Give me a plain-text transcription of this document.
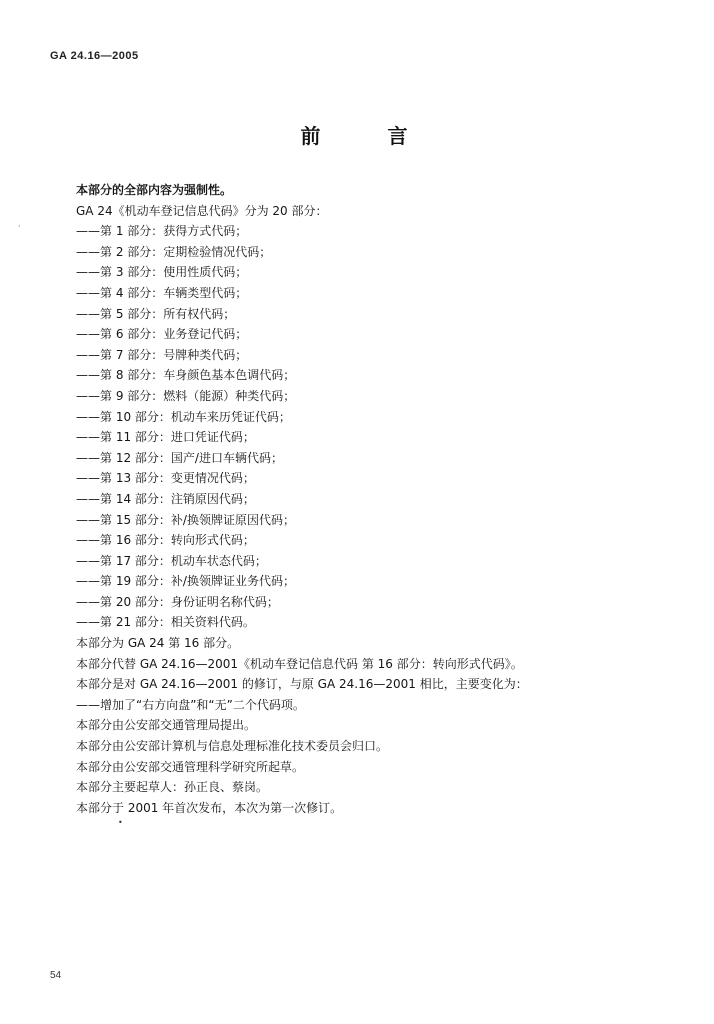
GA 24.16—2005
前 言
·
本部分的全部内容为强制性。
GA 24《机动车登记信息代码》分为 20 部分：
——第 1 部分：获得方式代码；
——第 2 部分：定期检验情况代码；
——第 3 部分：使用性质代码；
——第 4 部分：车辆类型代码；
——第 5 部分：所有权代码；
——第 6 部分：业务登记代码；
——第 7 部分：号牌种类代码；
——第 8 部分：车身颜色基本色调代码；
——第 9 部分：燃料（能源）种类代码；
——第 10 部分：机动车来历凭证代码；
——第 11 部分：进口凭证代码；
——第 12 部分：国产/进口车辆代码；
——第 13 部分：变更情况代码；
——第 14 部分：注销原因代码；
——第 15 部分：补/换领牌证原因代码；
——第 16 部分：转向形式代码；
——第 17 部分：机动车状态代码；
——第 19 部分：补/换领牌证业务代码；
——第 20 部分：身份证明名称代码；
——第 21 部分：相关资料代码。
本部分为 GA 24 第 16 部分。
本部分代替 GA 24.16—2001《机动车登记信息代码 第 16 部分：转向形式代码》。
本部分是对 GA 24.16—2001 的修订，与原 GA 24.16—2001 相比，主要变化为：
——增加了“右方向盘”和“无”二个代码项。
本部分由公安部交通管理局提出。
本部分由公安部计算机与信息处理标准化技术委员会归口。
本部分由公安部交通管理科学研究所起草。
本部分主要起草人：孙正良、蔡岗。
本部分于 2001 年首次发布，本次为第一次修订。
•
54
